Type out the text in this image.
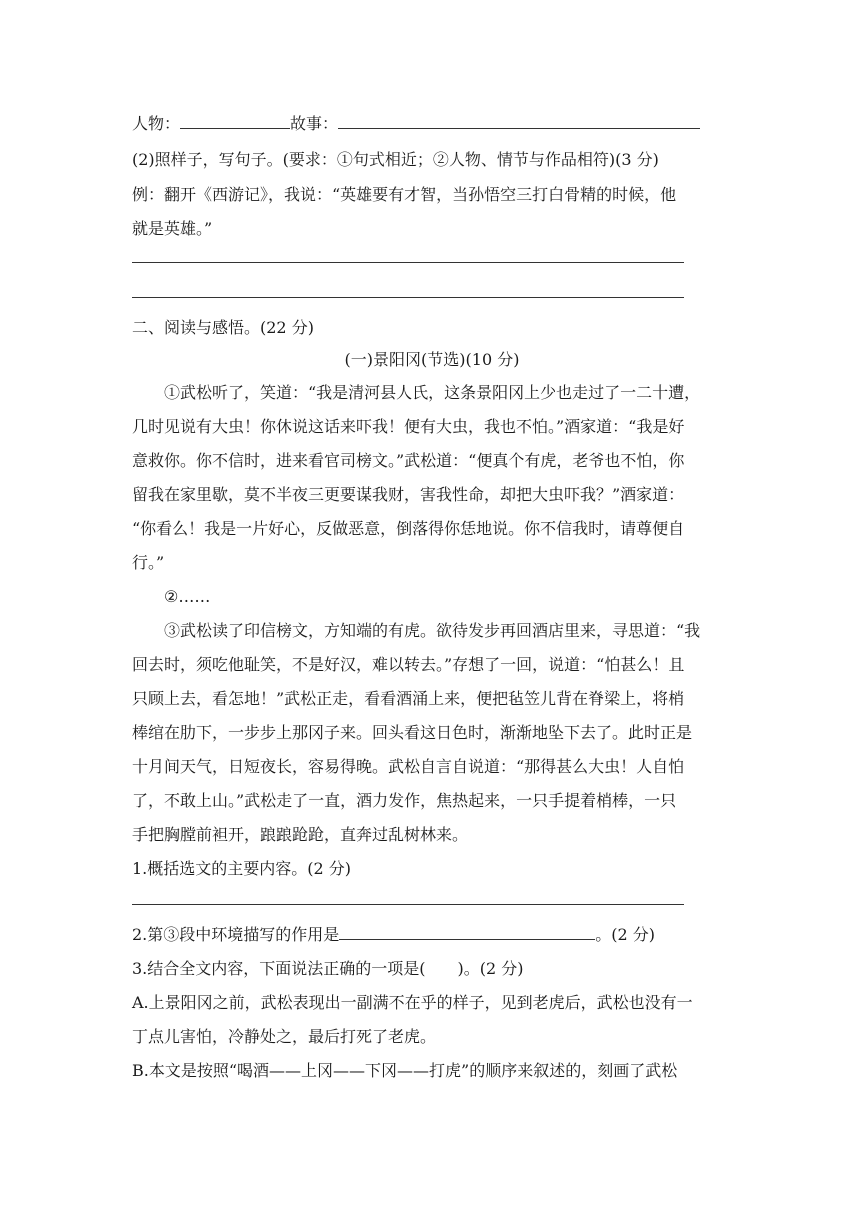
人物：	故事：
(2)照样子，写句子。(要求：①句式相近；②人物、情节与作品相符)(3 分)
例：翻开《西游记》，我说：“英雄要有才智，当孙悟空三打白骨精的时候，他
就是英雄。”
二、阅读与感悟。(22 分)
(一)景阳冈(节选)(10 分)
①武松听了，笑道：“我是清河县人氏，这条景阳冈上少也走过了一二十遭，
几时见说有大虫！你休说这话来吓我！便有大虫，我也不怕。”酒家道：“我是好
意救你。你不信时，进来看官司榜文。”武松道：“便真个有虎，老爷也不怕，你
留我在家里歇，莫不半夜三更要谋我财，害我性命，却把大虫吓我？”酒家道：
“你看么！我是一片好心，反做恶意，倒落得你恁地说。你不信我时，请尊便自
行。”
②……
③武松读了印信榜文，方知端的有虎。欲待发步再回酒店里来，寻思道：“我
回去时，须吃他耻笑，不是好汉，难以转去。”存想了一回，说道：“怕甚么！且
只顾上去，看怎地！”武松正走，看看酒涌上来，便把毡笠儿背在脊梁上，将梢
棒绾在肋下，一步步上那冈子来。回头看这日色时，渐渐地坠下去了。此时正是
十月间天气，日短夜长，容易得晚。武松自言自说道：“那得甚么大虫！人自怕
了，不敢上山。”武松走了一直，酒力发作，焦热起来，一只手提着梢棒，一只
手把胸膛前袒开，踉踉跄跄，直奔过乱树林来。
1.概括选文的主要内容。(2 分)
2.第③段中环境描写的作用是	。(2 分)
3.结合全文内容，下面说法正确的一项是( )。(2 分)
A.上景阳冈之前，武松表现出一副满不在乎的样子，见到老虎后，武松也没有一
丁点儿害怕，冷静处之，最后打死了老虎。
B.本文是按照“喝酒——上冈——下冈——打虎”的顺序来叙述的，刻画了武松
